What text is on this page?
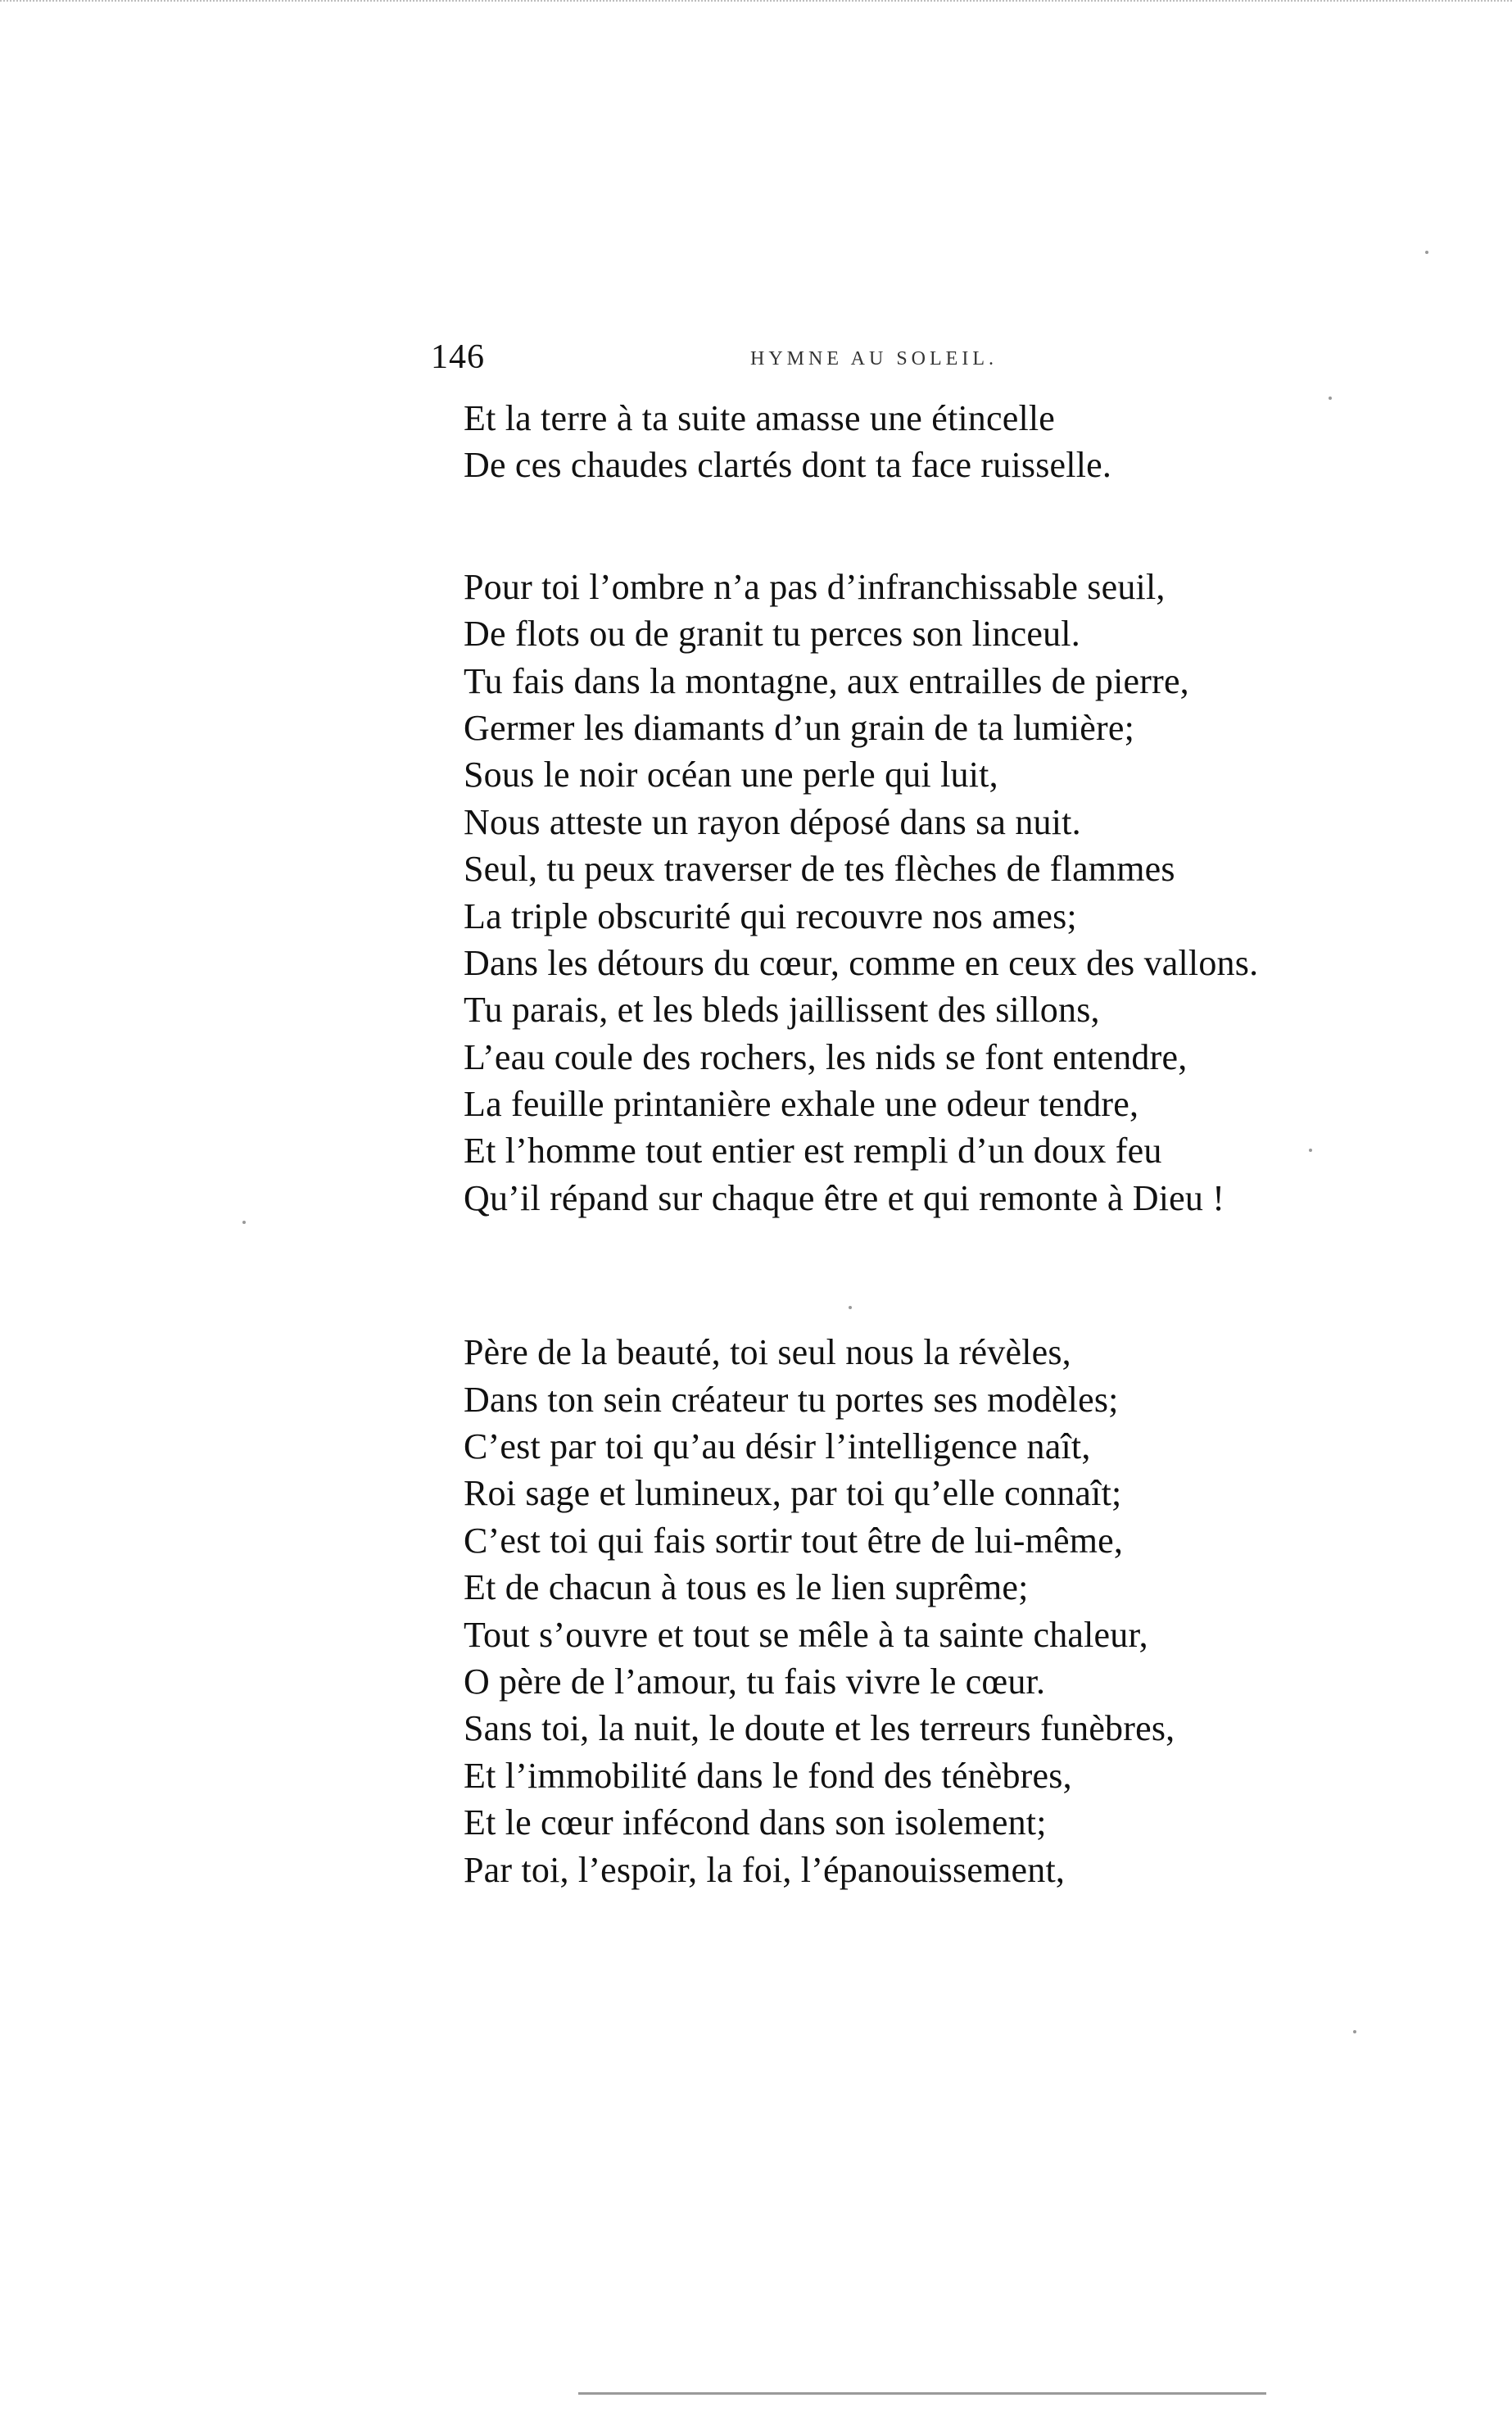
146	HYMNE AU SOLEIL.
Et la terre à ta suite amasse une étincelle
De ces chaudes clartés dont ta face ruisselle.
Pour toi l’ombre n’a pas d’infranchissable seuil,
De flots ou de granit tu perces son linceul.
Tu fais dans la montagne, aux entrailles de pierre,
Germer les diamants d’un grain de ta lumière;
Sous le noir océan une perle qui luit,
Nous atteste un rayon déposé dans sa nuit.
Seul, tu peux traverser de tes flèches de flammes
La triple obscurité qui recouvre nos ames;
Dans les détours du cœur, comme en ceux des vallons.
Tu parais, et les bleds jaillissent des sillons,
L’eau coule des rochers, les nids se font entendre,
La feuille printanière exhale une odeur tendre,
Et l’homme tout entier est rempli d’un doux feu
Qu’il répand sur chaque être et qui remonte à Dieu !
Père de la beauté, toi seul nous la révèles,
Dans ton sein créateur tu portes ses modèles;
C’est par toi qu’au désir l’intelligence naît,
Roi sage et lumineux, par toi qu’elle connaît;
C’est toi qui fais sortir tout être de lui-même,
Et de chacun à tous es le lien suprême;
Tout s’ouvre et tout se mêle à ta sainte chaleur,
O père de l’amour, tu fais vivre le cœur.
Sans toi, la nuit, le doute et les terreurs funèbres,
Et l’immobilité dans le fond des ténèbres,
Et le cœur infécond dans son isolement;
Par toi, l’espoir, la foi, l’épanouissement,
